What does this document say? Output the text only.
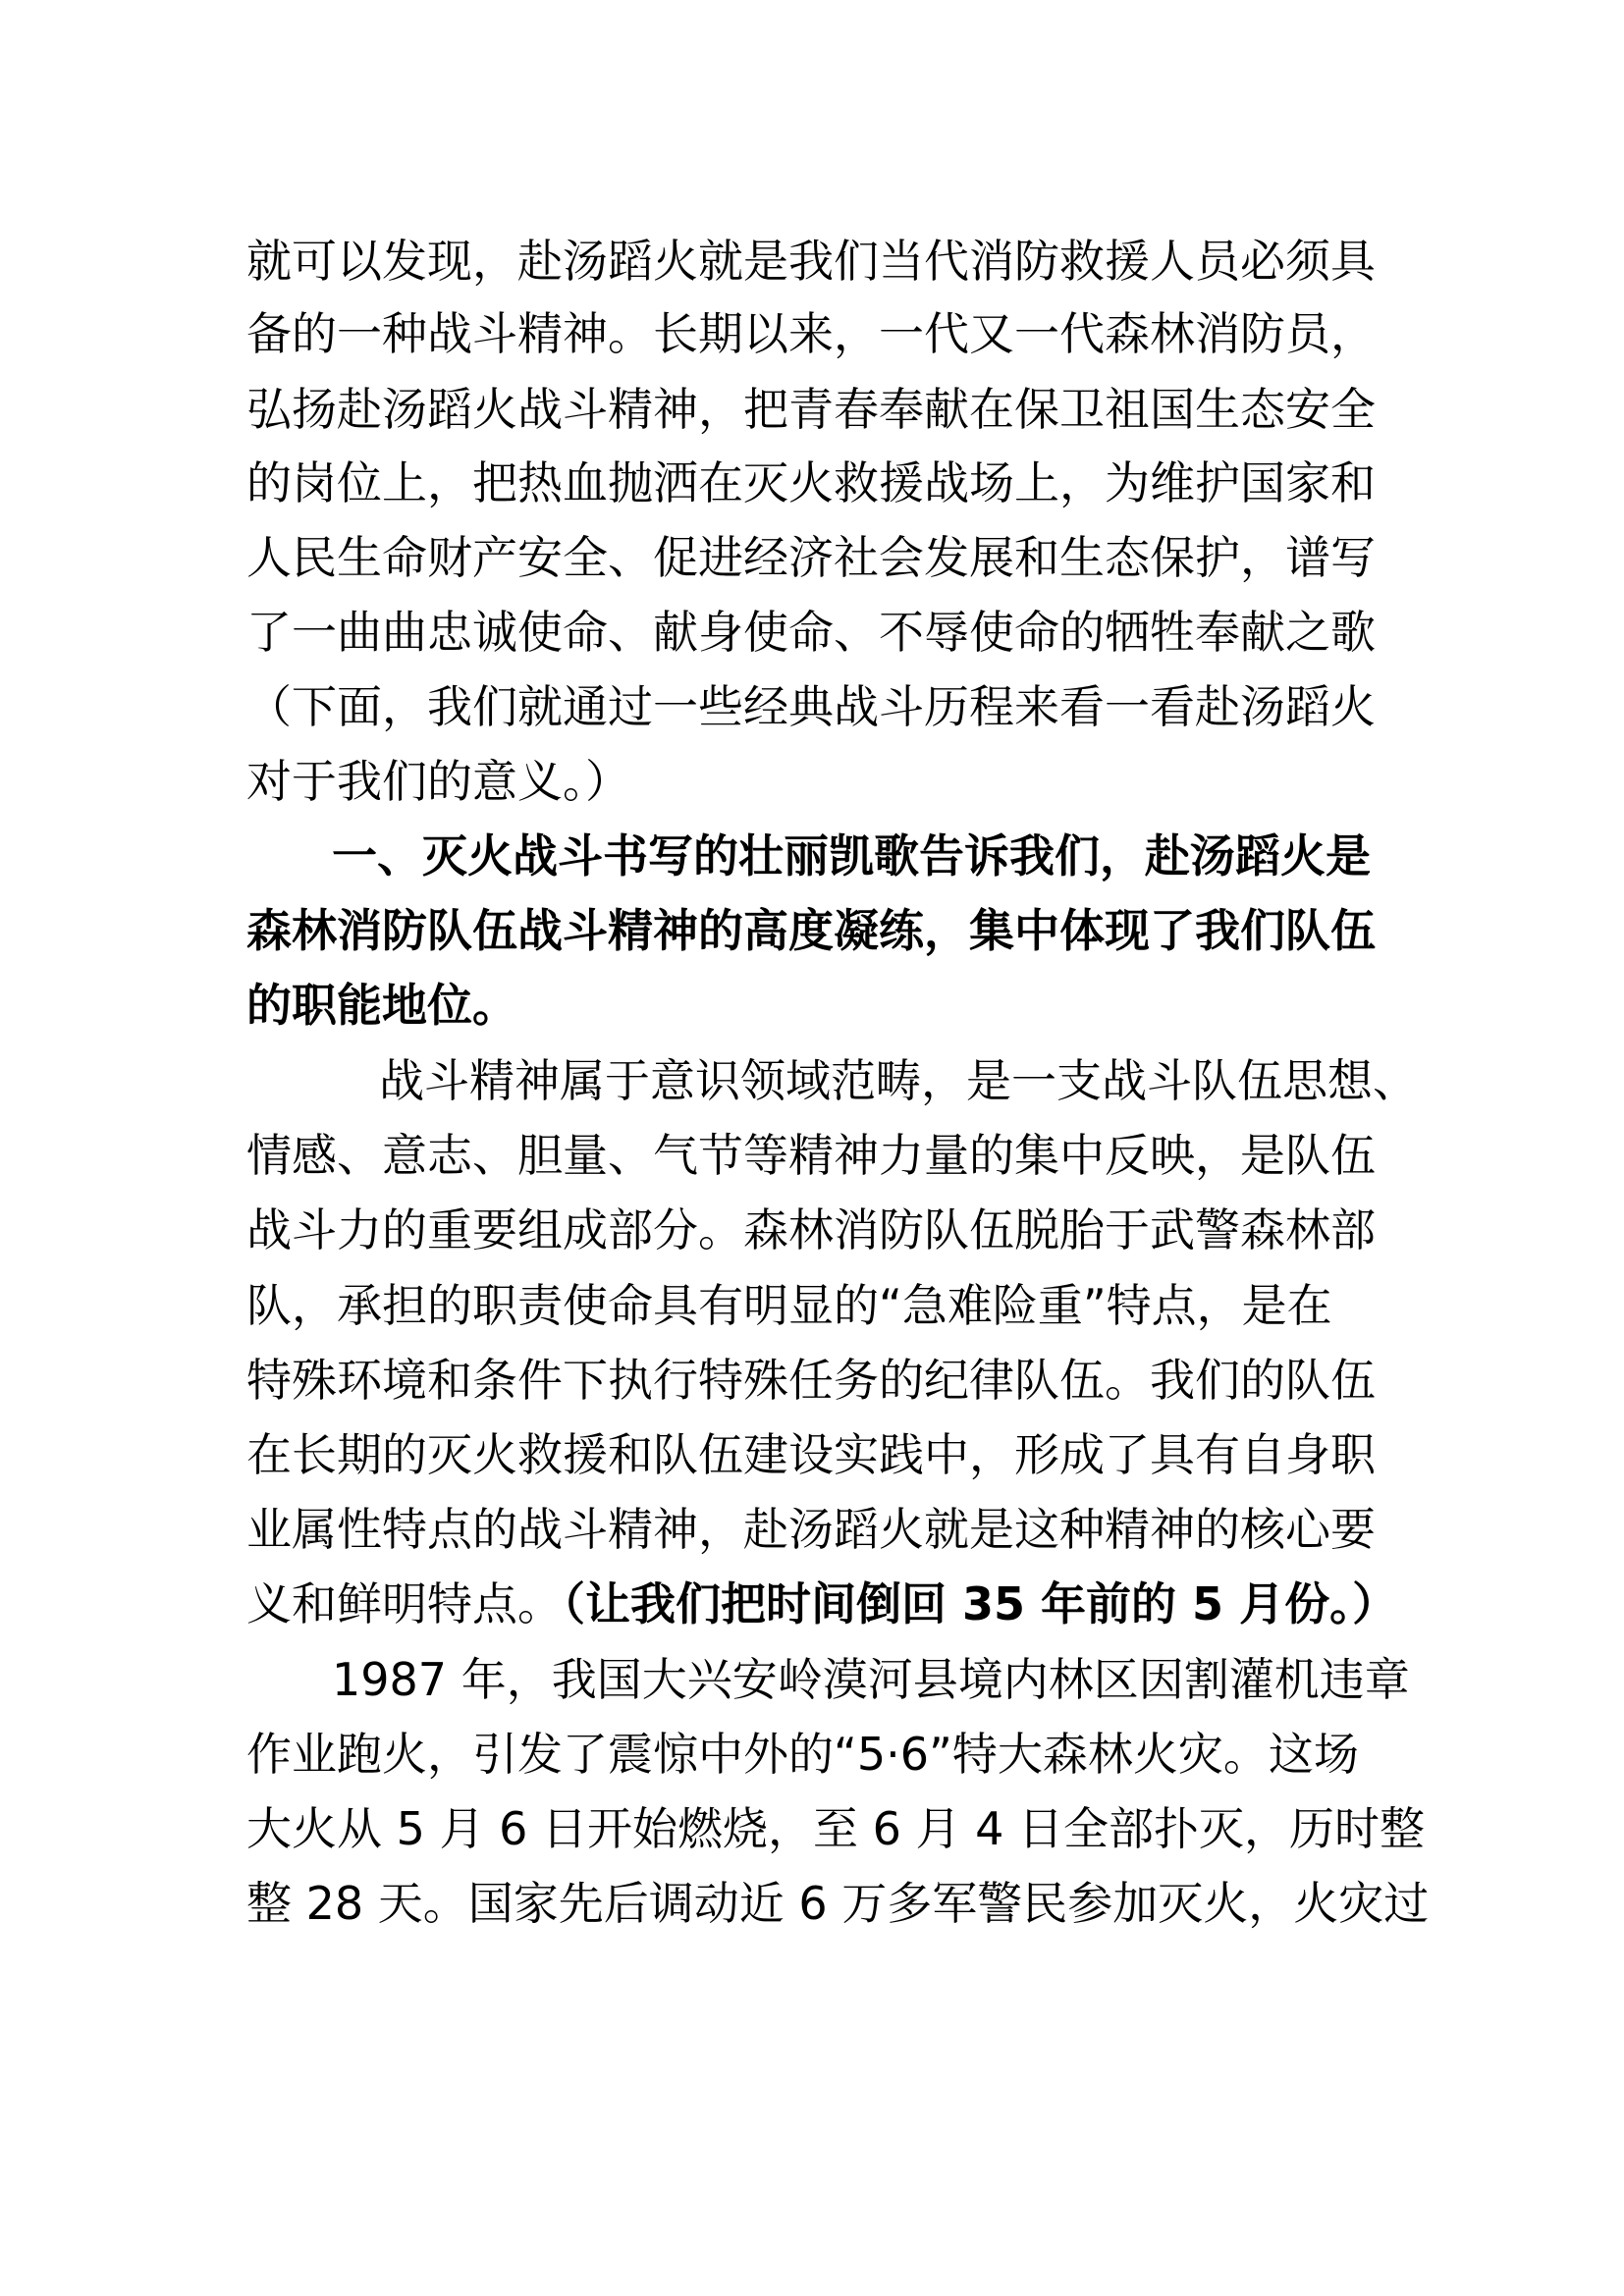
就可以发现，赴汤蹈火就是我们当代消防救援人员必须具
备的一种战斗精神。长期以来，一代又一代森林消防员，
弘扬赴汤蹈火战斗精神，把青春奉献在保卫祖国生态安全
的岗位上，把热血抛洒在灭火救援战场上，为维护国家和
人民生命财产安全、促进经济社会发展和生态保护，谱写
了一曲曲忠诚使命、献身使命、不辱使命的牺牲奉献之歌
（下面，我们就通过一些经典战斗历程来看一看赴汤蹈火
对于我们的意义。）
一、灭火战斗书写的壮丽凯歌告诉我们，赴汤蹈火是
森林消防队伍战斗精神的高度凝练，集中体现了我们队伍
的职能地位。
战斗精神属于意识领域范畴，是一支战斗队伍思想、
情感、意志、胆量、气节等精神力量的集中反映，是队伍
战斗力的重要组成部分。森林消防队伍脱胎于武警森林部
队，承担的职责使命具有明显的“急难险重”特点，是在
特殊环境和条件下执行特殊任务的纪律队伍。我们的队伍
在长期的灭火救援和队伍建设实践中，形成了具有自身职
业属性特点的战斗精神，赴汤蹈火就是这种精神的核心要
义和鲜明特点。（让我们把时间倒回 35 年前的 5 月份。）
1987 年，我国大兴安岭漠河县境内林区因割灌机违章
作业跑火，引发了震惊中外的“5·6”特大森林火灾。这场
大火从 5 月 6 日开始燃烧，至 6 月 4 日全部扑灭，历时整
整 28 天。国家先后调动近 6 万多军警民参加灭火，火灾过
